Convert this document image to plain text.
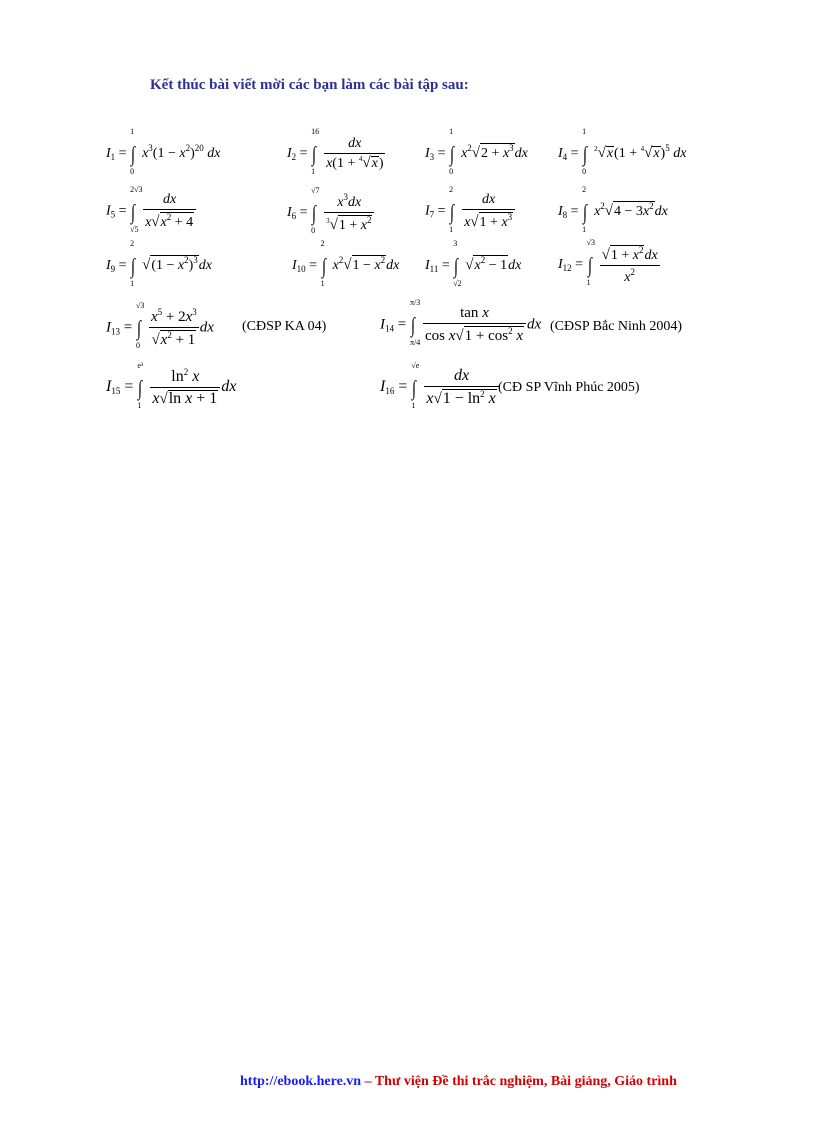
Kết thúc bài viết mời các bạn làm các bài tập sau:
$I_1$ =
1
∫
0
$x^3(1 - x^2)^{20}$ dx	$I_2$ =
16
∫
1
$\frac{dx}{x(1 + ^4√x)}$	$I_3$ =
1
∫
0
$x^2√2 + x^3dx$ $I_4$ =
1
∫
0
$^2√x(1 + ^4√x)^5$ dx
$I_5$ =
2√3
∫
$√5 \frac{dx}{x√x^2 + 4}$	$I_6$ =
√7
∫
$0 \frac{x^3dx}{^3√1 + x^2}$	$I_7$ =
2
∫
$1 \frac{dx}{x√1 + x^3}$	$I_8$ =
2
∫
1
$x^2√4 - 3x^2dx$
$I_9$ =
2
∫
1
$√(1 - x^2)^3dx$	$I_{10}$ =
2
∫
1
$x^2√1 - x^2dx$ $I_{11}$ =
3
∫
√2
$√x^2 - 1dx$	$I_{12}$ =
√3
∫
$1 \frac{√1 + x^2dx}{x^2}$
$I_{13}$ =
√3
∫
$0 \frac{x^5 + 2x^3}{√x^2 + 1}$ dx (CĐSP KA 04)	$I_{14}$ =
π/3
∫
$\pi/4 \frac{\text{tan x}}{\cos x√1 + \cos^2 x}$ dx (CĐSP Bắc Ninh 2004)
$I_{15}$ =
e³
∫
$1 \frac{\ln^2 x}{\text{x√ln x + 1}}$ dx	$I_{16}$ =
√e
∫
$1 \frac{dx}{x√1 - \ln^2 x}$ (CĐ SP Vĩnh Phúc 2005)
http://ebook.here.vn – Thư viện Đề thi trắc nghiệm, Bài giảng, Giáo trình
